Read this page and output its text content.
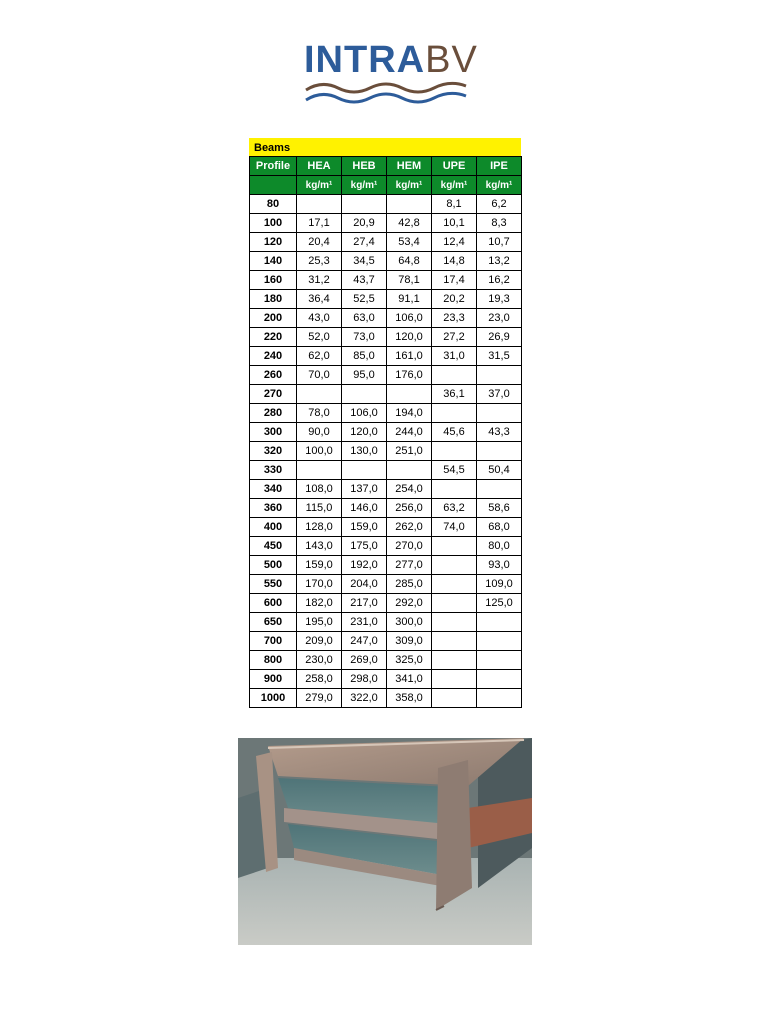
INTRABV
Beams
Profile	HEA	HEB	HEM	UPE	IPE
	kg/m¹	kg/m¹	kg/m¹	kg/m¹	kg/m¹
80				8,1	6,2
100	17,1	20,9	42,8	10,1	8,3
120	20,4	27,4	53,4	12,4	10,7
140	25,3	34,5	64,8	14,8	13,2
160	31,2	43,7	78,1	17,4	16,2
180	36,4	52,5	91,1	20,2	19,3
200	43,0	63,0	106,0	23,3	23,0
220	52,0	73,0	120,0	27,2	26,9
240	62,0	85,0	161,0	31,0	31,5
260	70,0	95,0	176,0		
270				36,1	37,0
280	78,0	106,0	194,0		
300	90,0	120,0	244,0	45,6	43,3
320	100,0	130,0	251,0		
330				54,5	50,4
340	108,0	137,0	254,0		
360	115,0	146,0	256,0	63,2	58,6
400	128,0	159,0	262,0	74,0	68,0
450	143,0	175,0	270,0		80,0
500	159,0	192,0	277,0		93,0
550	170,0	204,0	285,0		109,0
600	182,0	217,0	292,0		125,0
650	195,0	231,0	300,0		
700	209,0	247,0	309,0		
800	230,0	269,0	325,0		
900	258,0	298,0	341,0		
1000	279,0	322,0	358,0		
